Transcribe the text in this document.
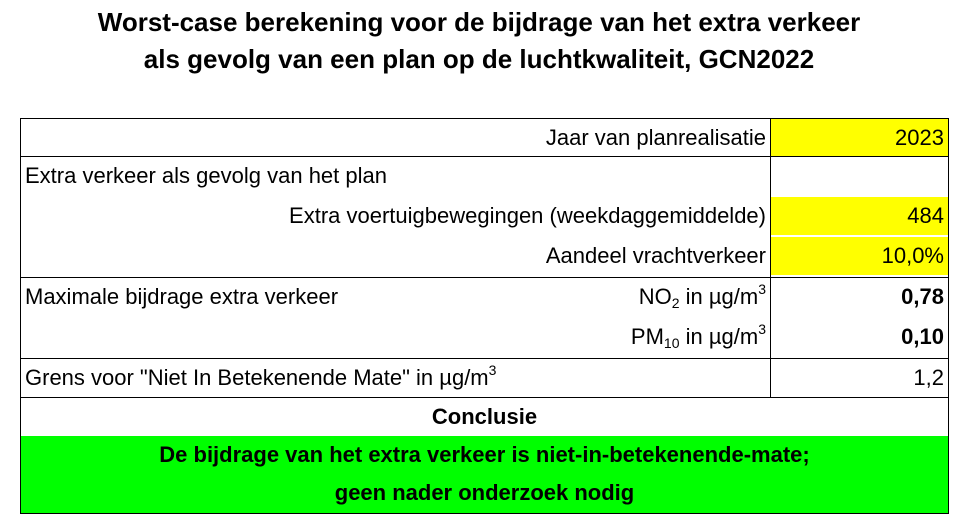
Worst-case berekening voor de bijdrage van het extra verkeer
als gevolg van een plan op de luchtkwaliteit, GCN2022
Jaar van planrealisatie	2023
Extra verkeer als gevolg van het plan
Extra voertuigbewegingen (weekdaggemiddelde)	484
Aandeel vrachtverkeer	10,0%
Maximale bijdrage extra verkeer	$NO_2$ in $\mu g/m^3$	0,78
$PM_{10}$ in $\mu g/m^3$	0,10
Grens voor "Niet In Betekenende Mate" in $\mu g/m^3$	1,2
Conclusie
De bijdrage van het extra verkeer is niet-in-betekenende-mate;
geen nader onderzoek nodig
